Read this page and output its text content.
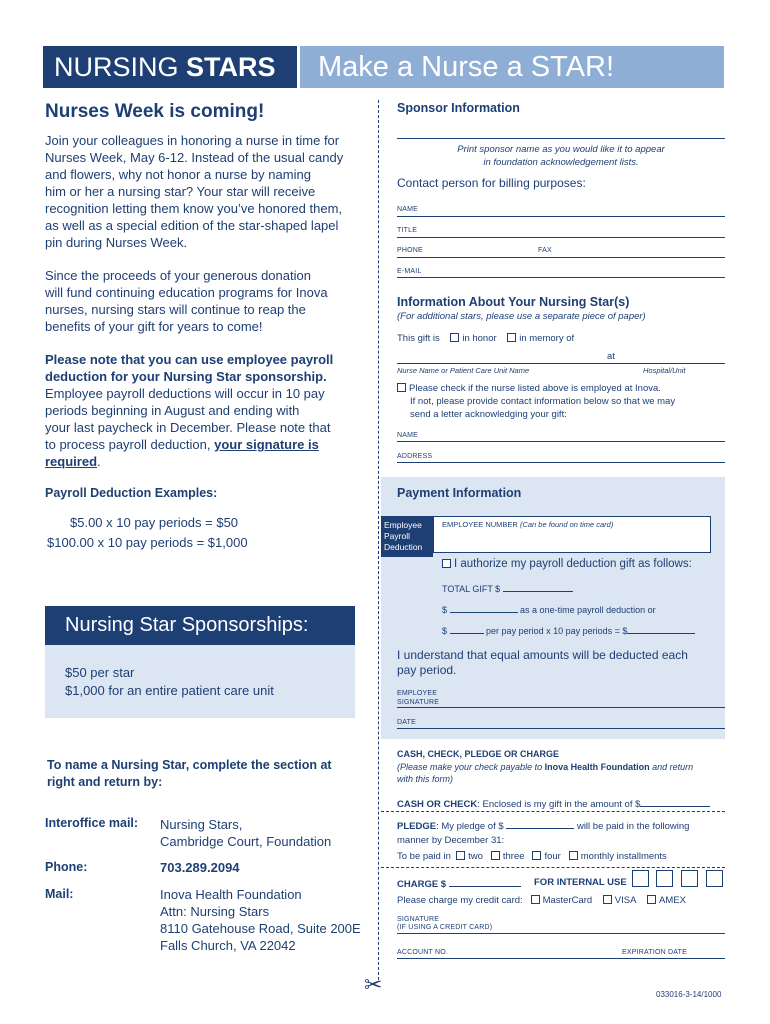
NURSING STARS	Make a Nurse a STAR!
✂
Nurses Week is coming!
Join your colleagues in honoring a nurse in time for
Nurses Week, May 6-12. Instead of the usual candy
and flowers, why not honor a nurse by naming
him or her a nursing star? Your star will receive
recognition letting them know you’ve honored them,
as well as a special edition of the star-shaped lapel
pin during Nurses Week.
Since the proceeds of your generous donation
will fund continuing education programs for Inova
nurses, nursing stars will continue to reap the
benefits of your gift for years to come!
Please note that you can use employee payroll
deduction for your Nursing Star sponsorship.
Employee payroll deductions will occur in 10 pay
periods beginning in August and ending with
your last paycheck in December. Please note that
to process payroll deduction, your signature is
required.
Payroll Deduction Examples:
$5.00 x 10 pay periods = $50
$100.00 x 10 pay periods = $1,000
Nursing Star Sponsorships:
$50 per star
$1,000 for an entire patient care unit
To name a Nursing Star, complete the section at
right and return by:
Interoffice mail: Nursing Stars,
Cambridge Court, Foundation
Phone:	703.289.2094
Mail:	Inova Health Foundation
Attn: Nursing Stars
8110 Gatehouse Road, Suite 200E
Falls Church, VA 22042
Sponsor Information
Print sponsor name as you would like it to appear
in foundation acknowledgement lists.
Contact person for billing purposes:
NAME
TITLE
PHONE	FAX
E-MAIL
Information About Your Nursing Star(s)
(For additional stars, please use a separate piece of paper)
This gift is in honor in memory of
at
Nurse Name or Patient Care Unit Name	Hospital/Unit
Please check if the nurse listed above is employed at Inova.
If not, please provide contact information below so that we may
send a letter acknowledging your gift:
NAME
ADDRESS
Payment Information
Employee
Payroll
Deduction
EMPLOYEE NUMBER (Can be found on time card)
I authorize my payroll deduction gift as follows:
TOTAL GIFT $
$	as a one-time payroll deduction or
$	per pay period x 10 pay periods = $
I understand that equal amounts will be deducted each
pay period.
EMPLOYEE
SIGNATURE
DATE
CASH, CHECK, PLEDGE OR CHARGE
(Please make your check payable to Inova Health Foundation and return
with this form)
CASH OR CHECK: Enclosed is my gift in the amount of $
PLEDGE: My pledge of $	will be paid in the following
manner by December 31:
To be paid in two three four monthly installments
CHARGE $	FOR INTERNAL USE
Please charge my credit card: MasterCard VISA AMEX
SIGNATURE
(IF USING A CREDIT CARD)
ACCOUNT NO.	EXPIRATION DATE
033016-3-14/1000
